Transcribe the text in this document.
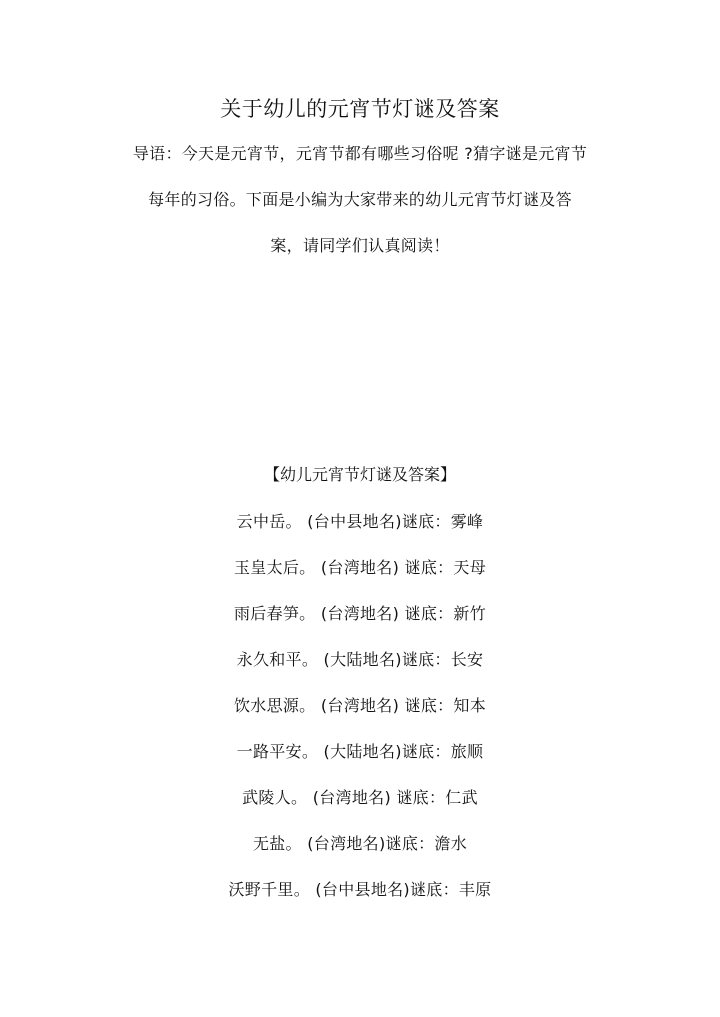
关于幼儿的元宵节灯谜及答案
导语：今天是元宵节，元宵节都有哪些习俗呢 ?猜字谜是元宵节
每年的习俗。下面是小编为大家带来的幼儿元宵节灯谜及答
案，请同学们认真阅读！
【幼儿元宵节灯谜及答案】
云中岳。 (台中县地名)谜底：雾峰
玉皇太后。 (台湾地名) 谜底：天母
雨后春笋。 (台湾地名) 谜底：新竹
永久和平。 (大陆地名)谜底：长安
饮水思源。 (台湾地名) 谜底：知本
一路平安。 (大陆地名)谜底：旅顺
武陵人。 (台湾地名) 谜底：仁武
无盐。 (台湾地名)谜底：澹水
沃野千里。 (台中县地名)谜底：丰原
